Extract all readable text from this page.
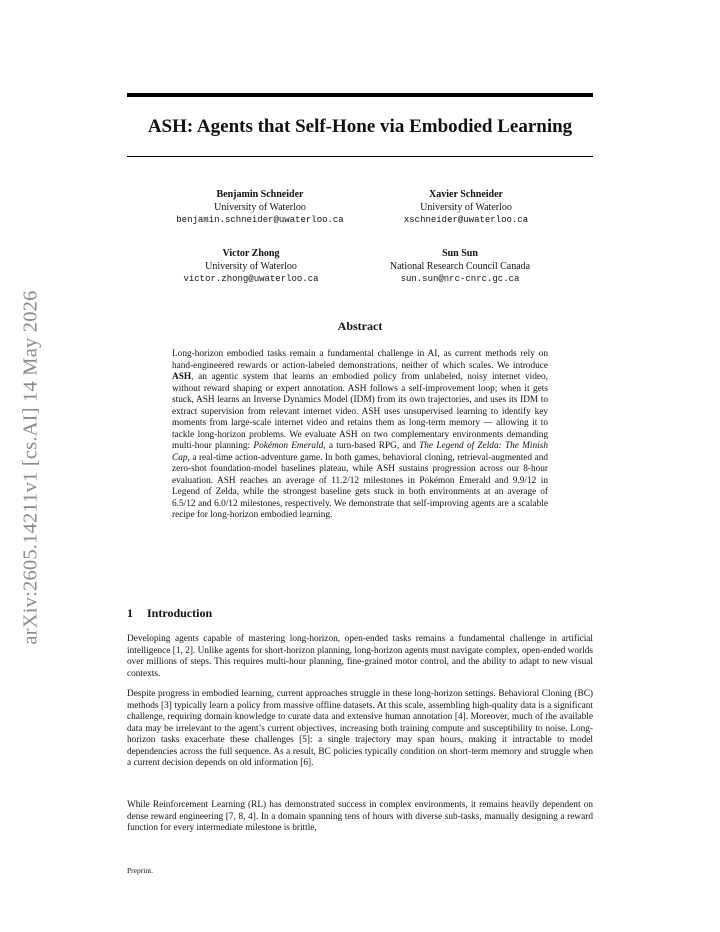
arXiv:2605.14211v1 [cs.AI] 14 May 2026
ASH: Agents that Self-Hone via Embodied Learning
Benjamin Schneider
University of Waterloo
benjamin.schneider@uwaterloo.ca
Xavier Schneider
University of Waterloo
xschneider@uwaterloo.ca
Victor Zhong
University of Waterloo
victor.zhong@uwaterloo.ca
Sun Sun
National Research Council Canada
sun.sun@nrc-cnrc.gc.ca
Abstract

Long-horizon embodied tasks remain a fundamental challenge in AI, as current methods rely on hand-engineered rewards or action-labeled demonstrations, neither of which scales. We introduce ASH, an agentic system that learns an embodied policy from unlabeled, noisy internet video, without reward shaping or expert annotation. ASH follows a self-improvement loop; when it gets stuck, ASH learns an Inverse Dynamics Model (IDM) from its own trajectories, and uses its IDM to extract supervision from relevant internet video. ASH uses unsupervised learning to identify key moments from large-scale internet video and retains them as long-term memory — allowing it to tackle long-horizon problems. We evaluate ASH on two complementary environments demanding multi-hour planning: Pokémon Emerald, a turn-based RPG, and The Legend of Zelda: The Minish Cap, a real-time action-adventure game. In both games, behavioral cloning, retrieval-augmented and zero-shot foundation-model baselines plateau, while ASH sustains progression across our 8-hour evaluation. ASH reaches an average of 11.2/12 milestones in Pokémon Emerald and 9.9/12 in Legend of Zelda, while the strongest baseline gets stuck in both environments at an average of 6.5/12 and 6.0/12 milestones, respectively. We demonstrate that self-improving agents are a scalable recipe for long-horizon embodied learning.

1 Introduction

Developing agents capable of mastering long-horizon, open-ended tasks remains a fundamental challenge in artificial intelligence [1, 2]. Unlike agents for short-horizon planning, long-horizon agents must navigate complex, open-ended worlds over millions of steps. This requires multi-hour planning, fine-grained motor control, and the ability to adapt to new visual contexts.

Despite progress in embodied learning, current approaches struggle in these long-horizon settings. Behavioral Cloning (BC) methods [3] typically learn a policy from massive offline datasets. At this scale, assembling high-quality data is a significant challenge, requiring domain knowledge to curate data and extensive human annotation [4]. Moreover, much of the available data may be irrelevant to the agent’s current objectives, increasing both training compute and susceptibility to noise. Long-horizon tasks exacerbate these challenges [5]: a single trajectory may span hours, making it intractable to model dependencies across the full sequence. As a result, BC policies typically condition on short-term memory and struggle when a current decision depends on old information [6].

While Reinforcement Learning (RL) has demonstrated success in complex environments, it remains heavily dependent on dense reward engineering [7, 8, 4]. In a domain spanning tens of hours with diverse sub-tasks, manually designing a reward function for every intermediate milestone is brittle,

Preprint.
